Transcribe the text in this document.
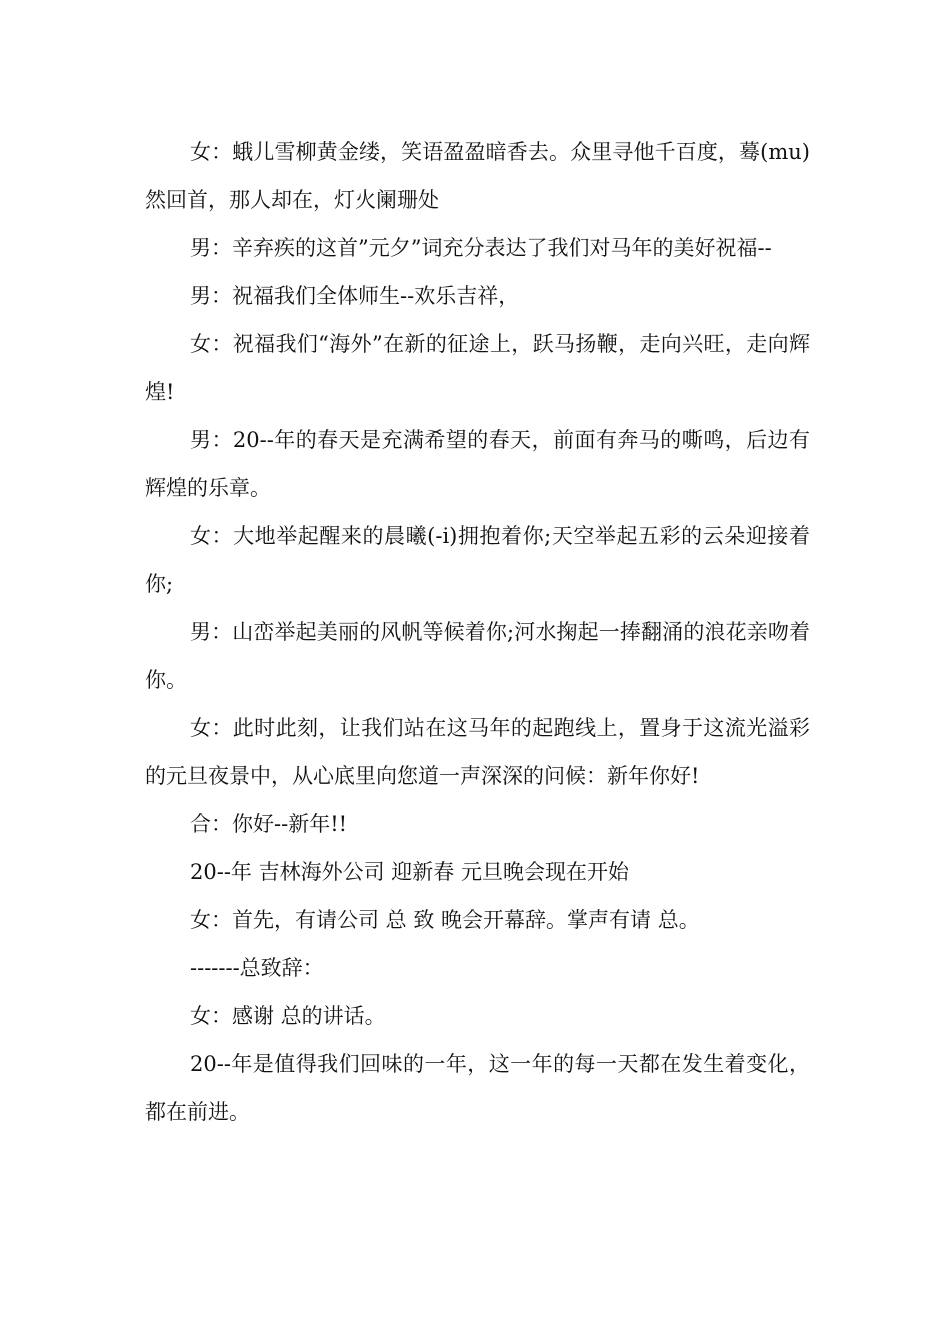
女：蛾儿雪柳黄金缕，笑语盈盈暗香去。众里寻他千百度，蓦(mu)然回首，那人却在，灯火阑珊处

男：辛弃疾的这首”元夕”词充分表达了我们对马年的美好祝福--

男：祝福我们全体师生--欢乐吉祥，

女：祝福我们“海外”在新的征途上，跃马扬鞭，走向兴旺，走向辉煌!

男：20--年的春天是充满希望的春天，前面有奔马的嘶鸣，后边有辉煌的乐章。

女：大地举起醒来的晨曦(-i)拥抱着你;天空举起五彩的云朵迎接着你;

男：山峦举起美丽的风帆等候着你;河水掬起一捧翻涌的浪花亲吻着你。

女：此时此刻，让我们站在这马年的起跑线上，置身于这流光溢彩的元旦夜景中，从心底里向您道一声深深的问候：新年你好!

合：你好--新年!!

20--年 吉林海外公司 迎新春 元旦晚会现在开始

女：首先，有请公司 总 致 晚会开幕辞。掌声有请 总。

-------总致辞：

女：感谢 总的讲话。

20--年是值得我们回味的一年，这一年的每一天都在发生着变化，都在前进。
